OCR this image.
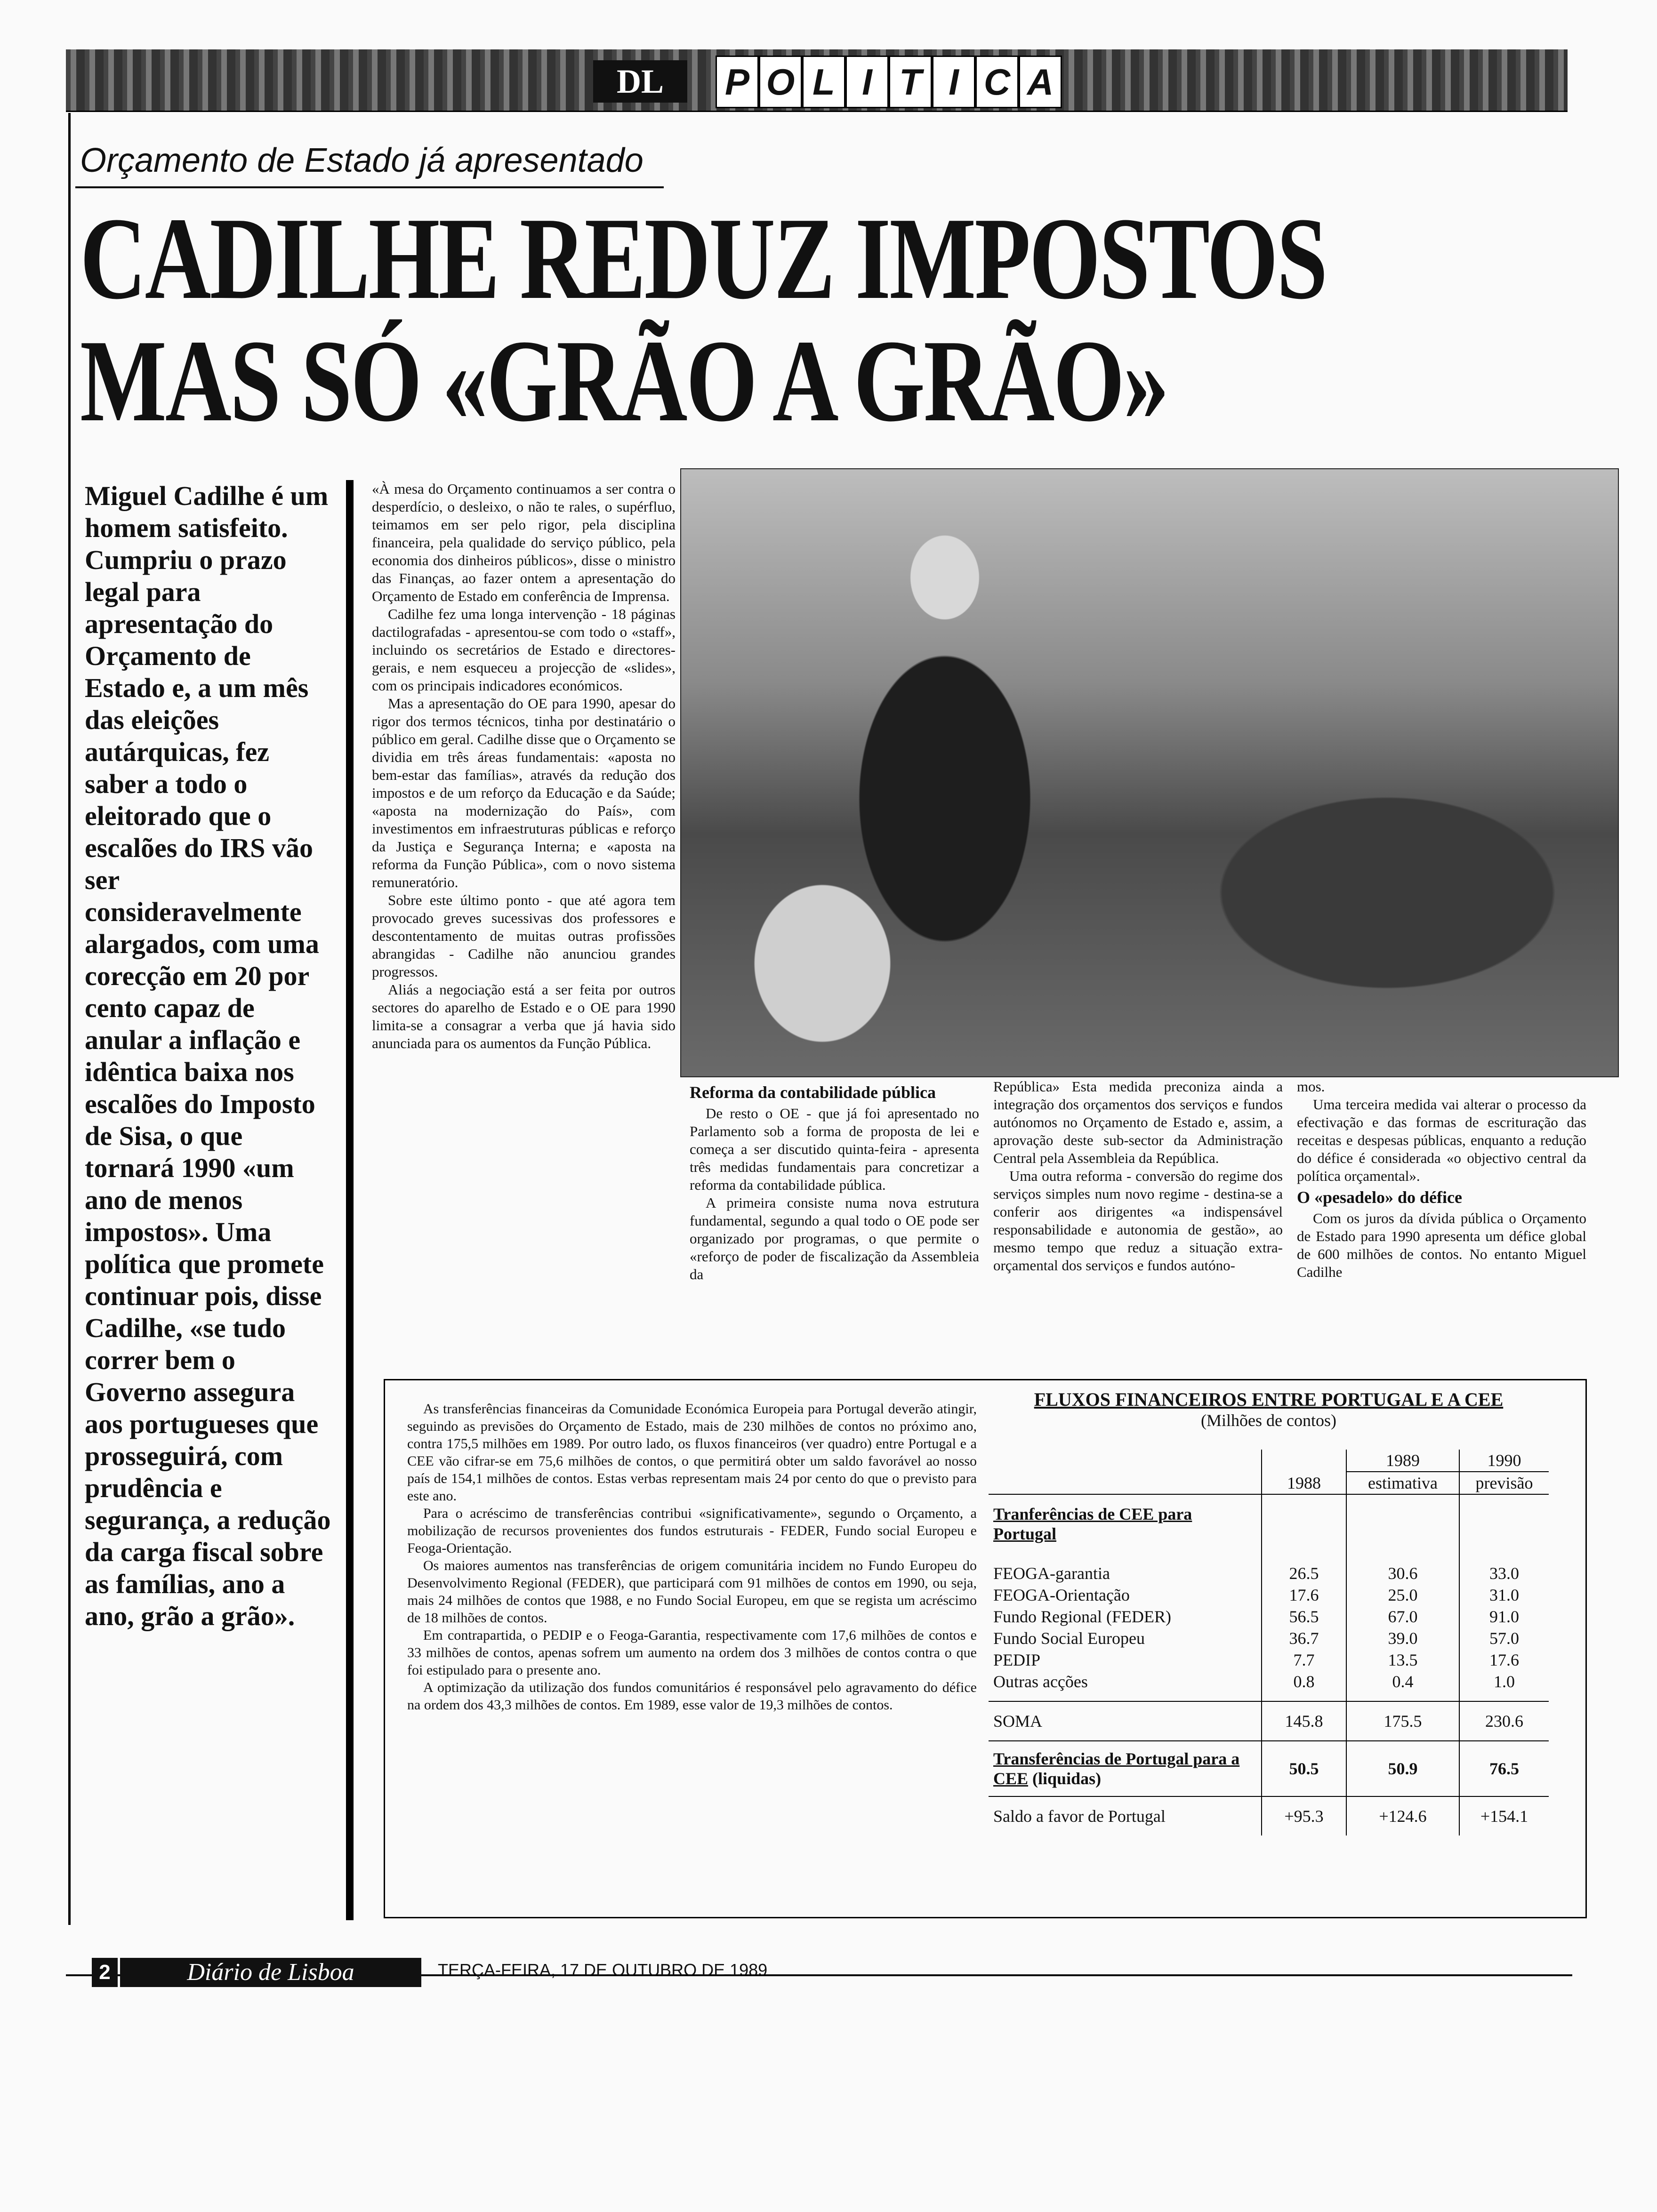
DL	P O L I T I C A
Orçamento de Estado já apresentado
CADILHE REDUZ IMPOSTOS
MAS SÓ «GRÃO A GRÃO»
Miguel Cadilhe é um homem satisfeito. Cumpriu o prazo legal para apresentação do Orçamento de Estado e, a um mês das eleições autárquicas, fez saber a todo o eleitorado que o escalões do IRS vão ser consideravelmente alargados, com uma corecção em 20 por cento capaz de anular a inflação e idêntica baixa nos escalões do Imposto de Sisa, o que tornará 1990 «um ano de menos impostos». Uma política que promete continuar pois, disse Cadilhe, «se tudo correr bem o Governo assegura aos portugueses que prosseguirá, com prudência e segurança, a redução da carga fiscal sobre as famílias, ano a ano, grão a grão».

«À mesa do Orçamento continuamos a ser contra o desperdício, o desleixo, o não te rales, o supérfluo, teimamos em ser pelo rigor, pela disciplina financeira, pela qualidade do serviço público, pela economia dos dinheiros públicos», disse o ministro das Finanças, ao fazer ontem a apresentação do Orçamento de Estado em conferência de Imprensa.

Cadilhe fez uma longa intervenção - 18 páginas dactilografadas - apresentou-se com todo o «staff», incluindo os secretários de Estado e directores-gerais, e nem esqueceu a projecção de «slides», com os principais indicadores económicos.

Mas a apresentação do OE para 1990, apesar do rigor dos termos técnicos, tinha por destinatário o público em geral. Cadilhe disse que o Orçamento se dividia em três áreas fundamentais: «aposta no bem-estar das famílias», através da redução dos impostos e de um reforço da Educação e da Saúde; «aposta na modernização do País», com investimentos em infraestruturas públicas e reforço da Justiça e Segurança Interna; e «aposta na reforma da Função Pública», com o novo sistema remuneratório.

Sobre este último ponto - que até agora tem provocado greves sucessivas dos professores e descontentamento de muitas outras profissões abrangidas - Cadilhe não anunciou grandes progressos.

Aliás a negociação está a ser feita por outros sectores do aparelho de Estado e o OE para 1990 limita-se a consagrar a verba que já havia sido anunciada para os aumentos da Função Pública.

Reforma da contabilidade pública

De resto o OE - que já foi apresentado no Parlamento sob a forma de proposta de lei e começa a ser discutido quinta-feira - apresenta três medidas fundamentais para concretizar a reforma da contabilidade pública.

A primeira consiste numa nova estrutura fundamental, segundo a qual todo o OE pode ser organizado por programas, o que permite o «reforço de poder de fiscalização da Assembleia da

República» Esta medida preconiza ainda a integração dos orçamentos dos serviços e fundos autónomos no Orçamento de Estado e, assim, a aprovação deste sub-sector da Administração Central pela Assembleia da República.

Uma outra reforma - conversão do regime dos serviços simples num novo regime - destina-se a conferir aos dirigentes «a indispensável responsabilidade e autonomia de gestão», ao mesmo tempo que reduz a situação extra-orçamental dos serviços e fundos autóno-

mos.

Uma terceira medida vai alterar o processo da efectivação e das formas de escrituração das receitas e despesas públicas, enquanto a redução do défice é considerada «o objectivo central da política orçamental».

O «pesadelo» do défice

Com os juros da dívida pública o Orçamento de Estado para 1990 apresenta um défice global de 600 milhões de contos. No entanto Miguel Cadilhe

As transferências financeiras da Comunidade Económica Europeia para Portugal deverão atingir, seguindo as previsões do Orçamento de Estado, mais de 230 milhões de contos no próximo ano, contra 175,5 milhões em 1989. Por outro lado, os fluxos financeiros (ver quadro) entre Portugal e a CEE vão cifrar-se em 75,6 milhões de contos, o que permitirá obter um saldo favorável ao nosso país de 154,1 milhões de contos. Estas verbas representam mais 24 por cento do que o previsto para este ano.

Para o acréscimo de transferências contribui «significativamente», segundo o Orçamento, a mobilização de recursos provenientes dos fundos estruturais - FEDER, Fundo social Europeu e Feoga-Orientação.

Os maiores aumentos nas transferências de origem comunitária incidem no Fundo Europeu do Desenvolvimento Regional (FEDER), que participará com 91 milhões de contos em 1990, ou seja, mais 24 milhões de contos que 1988, e no Fundo Social Europeu, em que se regista um acréscimo de 18 milhões de contos.

Em contrapartida, o PEDIP e o Feoga-Garantia, respectivamente com 17,6 milhões de contos e 33 milhões de contos, apenas sofrem um aumento na ordem dos 3 milhões de contos contra o que foi estipulado para o presente ano.

A optimização da utilização dos fundos comunitários é responsável pelo agravamento do défice na ordem dos 43,3 milhões de contos. Em 1989, esse valor de 19,3 milhões de contos.

FLUXOS FINANCEIROS ENTRE PORTUGAL E A CEE
(Milhões de contos)
		1989	1990
	1988	estimativa	previsão
Tranferências de CEE para Portugal			
FEOGA-garantia	26.5	30.6	33.0
FEOGA-Orientação	17.6	25.0	31.0
Fundo Regional (FEDER)	56.5	67.0	91.0
Fundo Social Europeu	36.7	39.0	57.0
PEDIP	7.7	13.5	17.6
Outras acções	0.8	0.4	1.0
SOMA	145.8	175.5	230.6
Transferências de Portugal para a CEE (liquidas)	50.5	50.9	76.5
Saldo a favor de Portugal	+95.3	+124.6	+154.1
2	Diário de Lisboa	TERÇA-FEIRA, 17 DE OUTUBRO DE 1989
